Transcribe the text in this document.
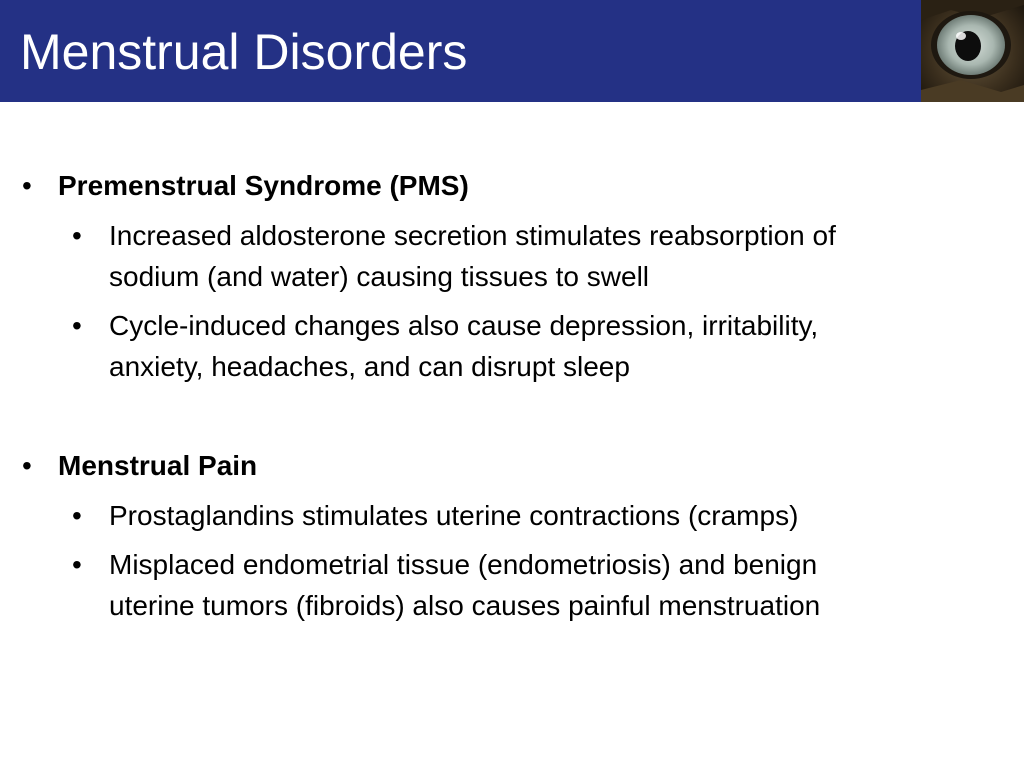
Menstrual Disorders
• Premenstrual Syndrome (PMS)
• Increased aldosterone secretion stimulates reabsorption of
sodium (and water) causing tissues to swell
• Cycle-induced changes also cause depression, irritability,
anxiety, headaches, and can disrupt sleep
• Menstrual Pain
• Prostaglandins stimulates uterine contractions (cramps)
• Misplaced endometrial tissue (endometriosis) and benign
uterine tumors (fibroids) also causes painful menstruation
